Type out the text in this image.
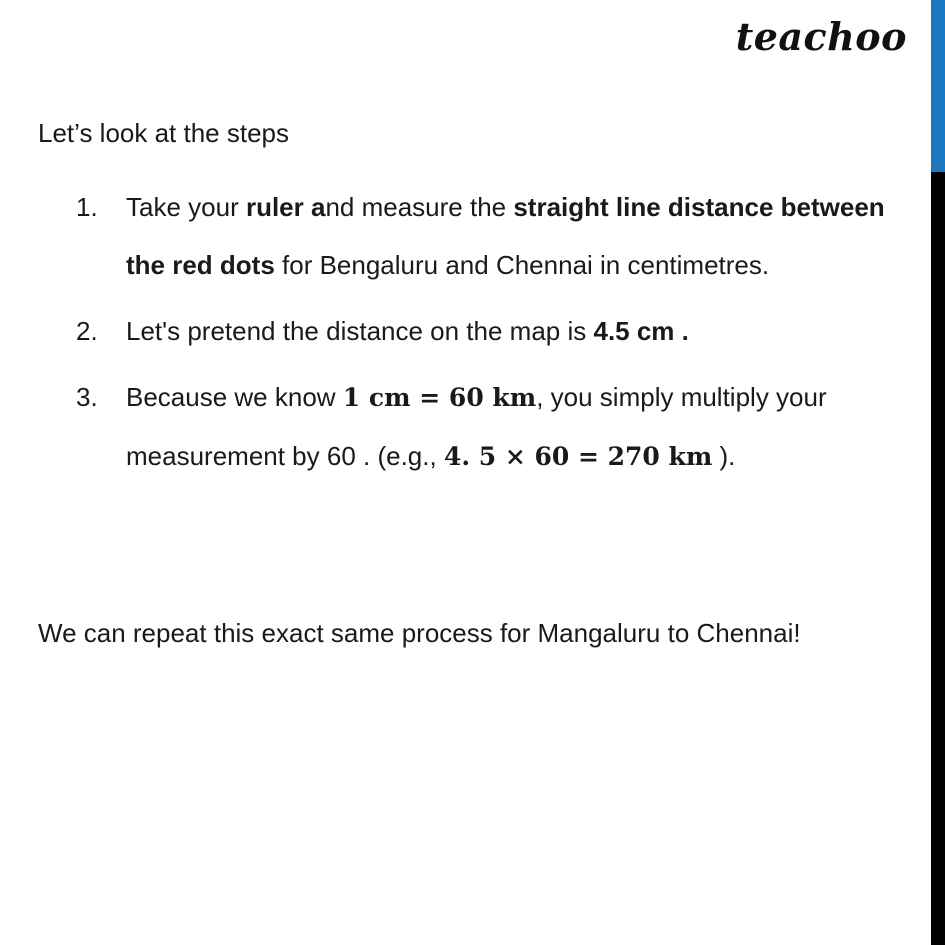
teachoo

Let’s look at the steps

1. Take your ruler and measure the straight line distance between the red dots for Bengaluru and Chennai in centimetres.
2. Let's pretend the distance on the map is 4.5 cm .
3. Because we know 1 cm = 60 km, you simply multiply your measurement by 60 . (e.g., 4. 5 × 60 = 270 km ).

We can repeat this exact same process for Mangaluru to Chennai!
